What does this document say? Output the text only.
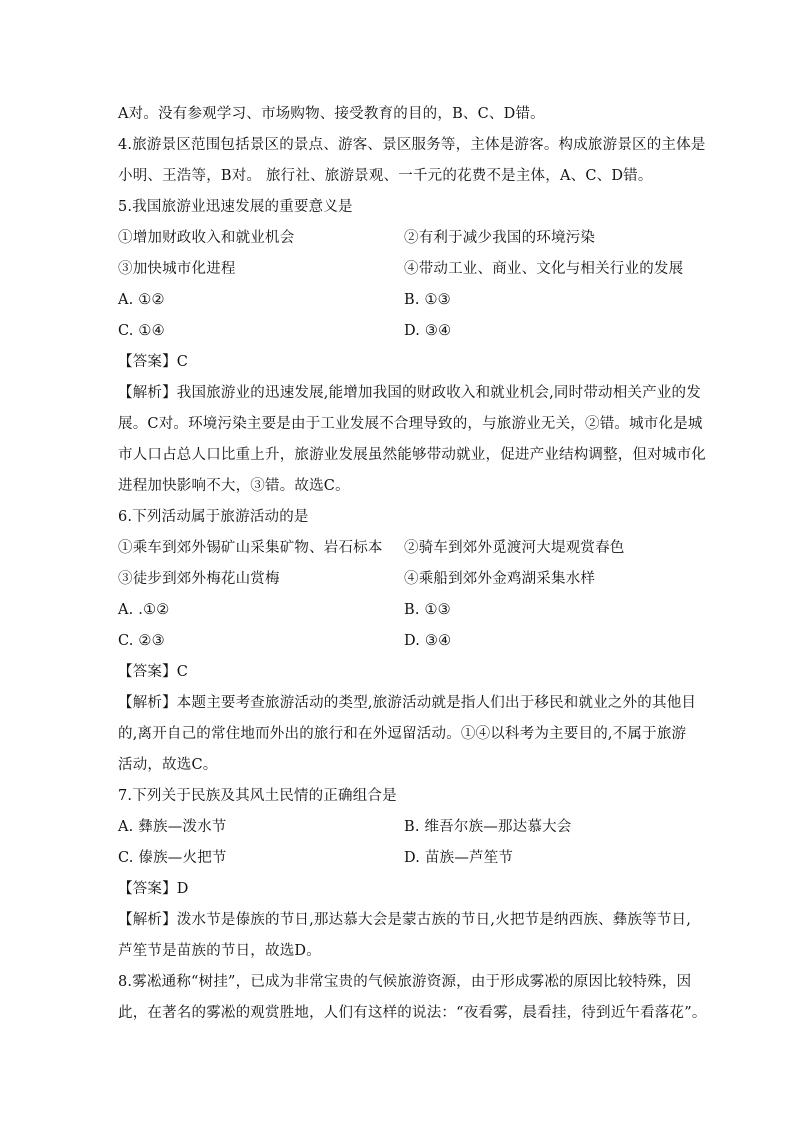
A对。没有参观学习、市场购物、接受教育的目的，B、C、D错。
4.旅游景区范围包括景区的景点、游客、景区服务等，主体是游客。构成旅游景区的主体是
小明、王浩等，B对。 旅行社、旅游景观、一千元的花费不是主体，A、C、D错。
5.我国旅游业迅速发展的重要意义是
①增加财政收入和就业机会	②有利于减少我国的环境污染
③加快城市化进程	④带动工业、商业、文化与相关行业的发展
A. ①②	B. ①③
C. ①④	D. ③④
【答案】C
【解析】我国旅游业的迅速发展,能增加我国的财政收入和就业机会,同时带动相关产业的发
展。C对。环境污染主要是由于工业发展不合理导致的，与旅游业无关，②错。城市化是城
市人口占总人口比重上升，旅游业发展虽然能够带动就业，促进产业结构调整，但对城市化
进程加快影响不大，③错。故选C。
6.下列活动属于旅游活动的是
①乘车到郊外锡矿山采集矿物、岩石标本 ②骑车到郊外觅渡河大堤观赏春色
③徒步到郊外梅花山赏梅	④乘船到郊外金鸡湖采集水样
A. .①②	B. ①③
C. ②③	D. ③④
【答案】C
【解析】本题主要考查旅游活动的类型,旅游活动就是指人们出于移民和就业之外的其他目
的,离开自己的常住地而外出的旅行和在外逗留活动。①④以科考为主要目的,不属于旅游
活动，故选C。
7.下列关于民族及其风土民情的正确组合是
A. 彝族—泼水节	B. 维吾尔族—那达慕大会
C. 傣族—火把节	D. 苗族—芦笙节
【答案】D
【解析】泼水节是傣族的节日,那达慕大会是蒙古族的节日,火把节是纳西族、彝族等节日,
芦笙节是苗族的节日，故选D。
8.雾凇通称“树挂”，已成为非常宝贵的气候旅游资源，由于形成雾凇的原因比较特殊，因
此，在著名的雾凇的观赏胜地，人们有这样的说法：“夜看雾，晨看挂，待到近午看落花”。
